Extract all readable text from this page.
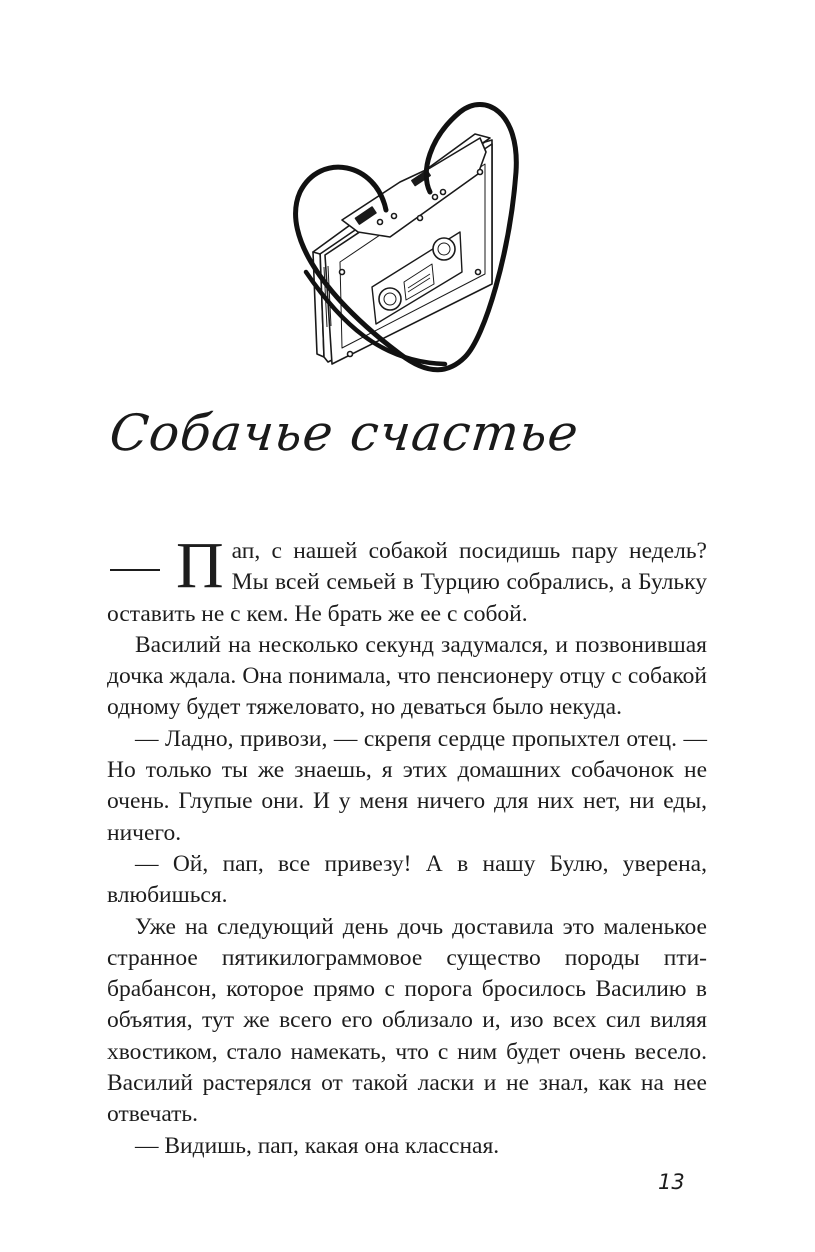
Собачье счастье

П ап, с нашей собакой посидишь пару недель? Мы всей семьей в Турцию собрались, а Бульку оставить не с кем. Не брать же ее с собой.

Василий на несколько секунд задумался, и позвонившая дочка ждала. Она понимала, что пенсионеру отцу с собакой одному будет тяжеловато, но деваться было некуда.

— Ладно, привози, — скрепя сердце пропыхтел отец. — Но только ты же знаешь, я этих домашних собачонок не очень. Глупые они. И у меня ничего для них нет, ни еды, ничего.

— Ой, пап, все привезу! А в нашу Булю, уверена, влюбишься.

Уже на следующий день дочь доставила это маленькое странное пятикилограммовое существо породы пти-брабансон, которое прямо с порога бросилось Василию в объятия, тут же всего его облизало и, изо всех сил виляя хвостиком, стало намекать, что с ним будет очень весело. Василий растерялся от такой ласки и не знал, как на нее отвечать.

— Видишь, пап, какая она классная.

13
